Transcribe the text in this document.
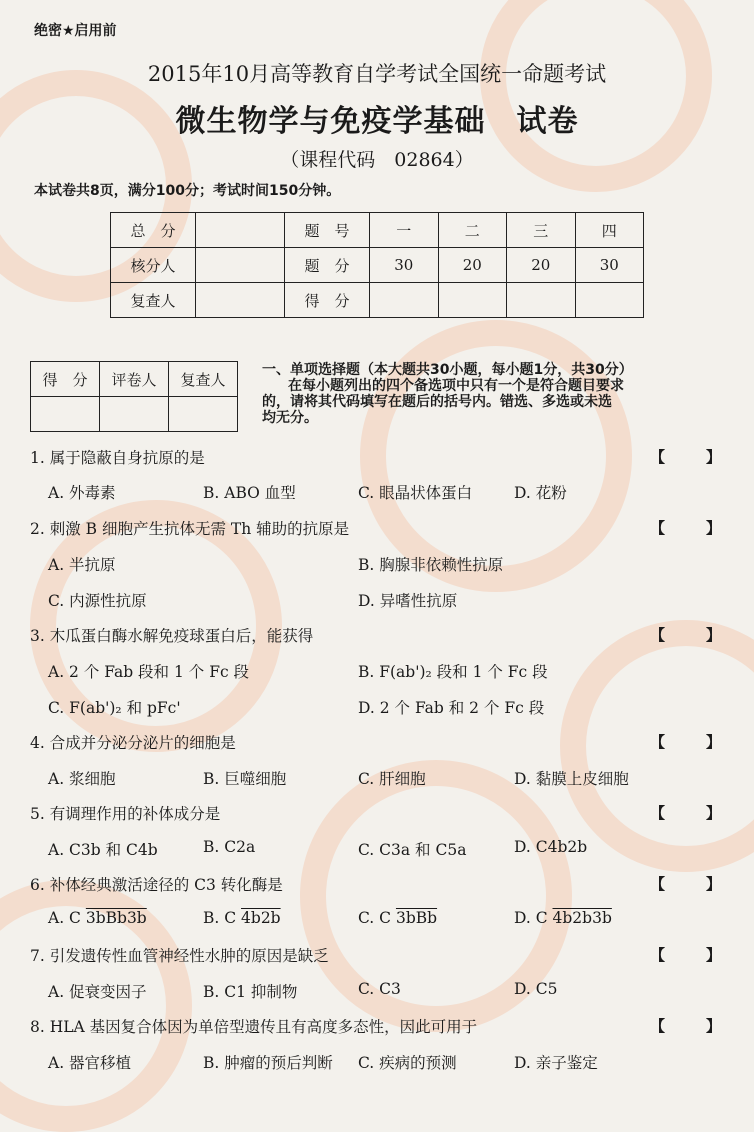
绝密★启用前
2015年10月高等教育自学考试全国统一命题考试
微生物学与免疫学基础　试卷
（课程代码　02864）
本试卷共8页，满分100分；考试时间150分钟。
总　分		题　号	一	二	三	四
核分人		题　分	30	20	20	30
复查人		得　分				
得　分	评卷人	复查人

一、单项选择题（本大题共30小题，每小题1分，共30分）
在每小题列出的四个备选项中只有一个是符合题目要求
的，请将其代码填写在题后的括号内。错选、多选或未选
均无分。
1. 属于隐蔽自身抗原的是	【	】
A. 外毒素	B. ABO 血型	C. 眼晶状体蛋白	D. 花粉
2. 刺激 B 细胞产生抗体无需 Th 辅助的抗原是	【	】
A. 半抗原	B. 胸腺非依赖性抗原
C. 内源性抗原	D. 异嗜性抗原
3. 木瓜蛋白酶水解免疫球蛋白后，能获得	【	】
A. 2 个 Fab 段和 1 个 Fc 段	B. F(ab')₂ 段和 1 个 Fc 段
C. F(ab')₂ 和 pFc'	D. 2 个 Fab 和 2 个 Fc 段
4. 合成并分泌分泌片的细胞是	【	】
A. 浆细胞	B. 巨噬细胞	C. 肝细胞	D. 黏膜上皮细胞
5. 有调理作用的补体成分是	【	】
A. C3b 和 C4b	B. C2a	C. C3a 和 C5a	D. C4b2b
6. 补体经典激活途径的 C3 转化酶是	【	】
A. C 3bBb3b	B. C 4b2b	C. C 3bBb	D. C 4b2b3b
7. 引发遗传性血管神经性水肿的原因是缺乏	【	】
A. 促衰变因子	B. C1 抑制物	C. C3	D. C5
8. HLA 基因复合体因为单倍型遗传且有高度多态性，因此可用于	【	】
A. 器官移植	B. 肿瘤的预后判断 C. 疾病的预测	D. 亲子鉴定
